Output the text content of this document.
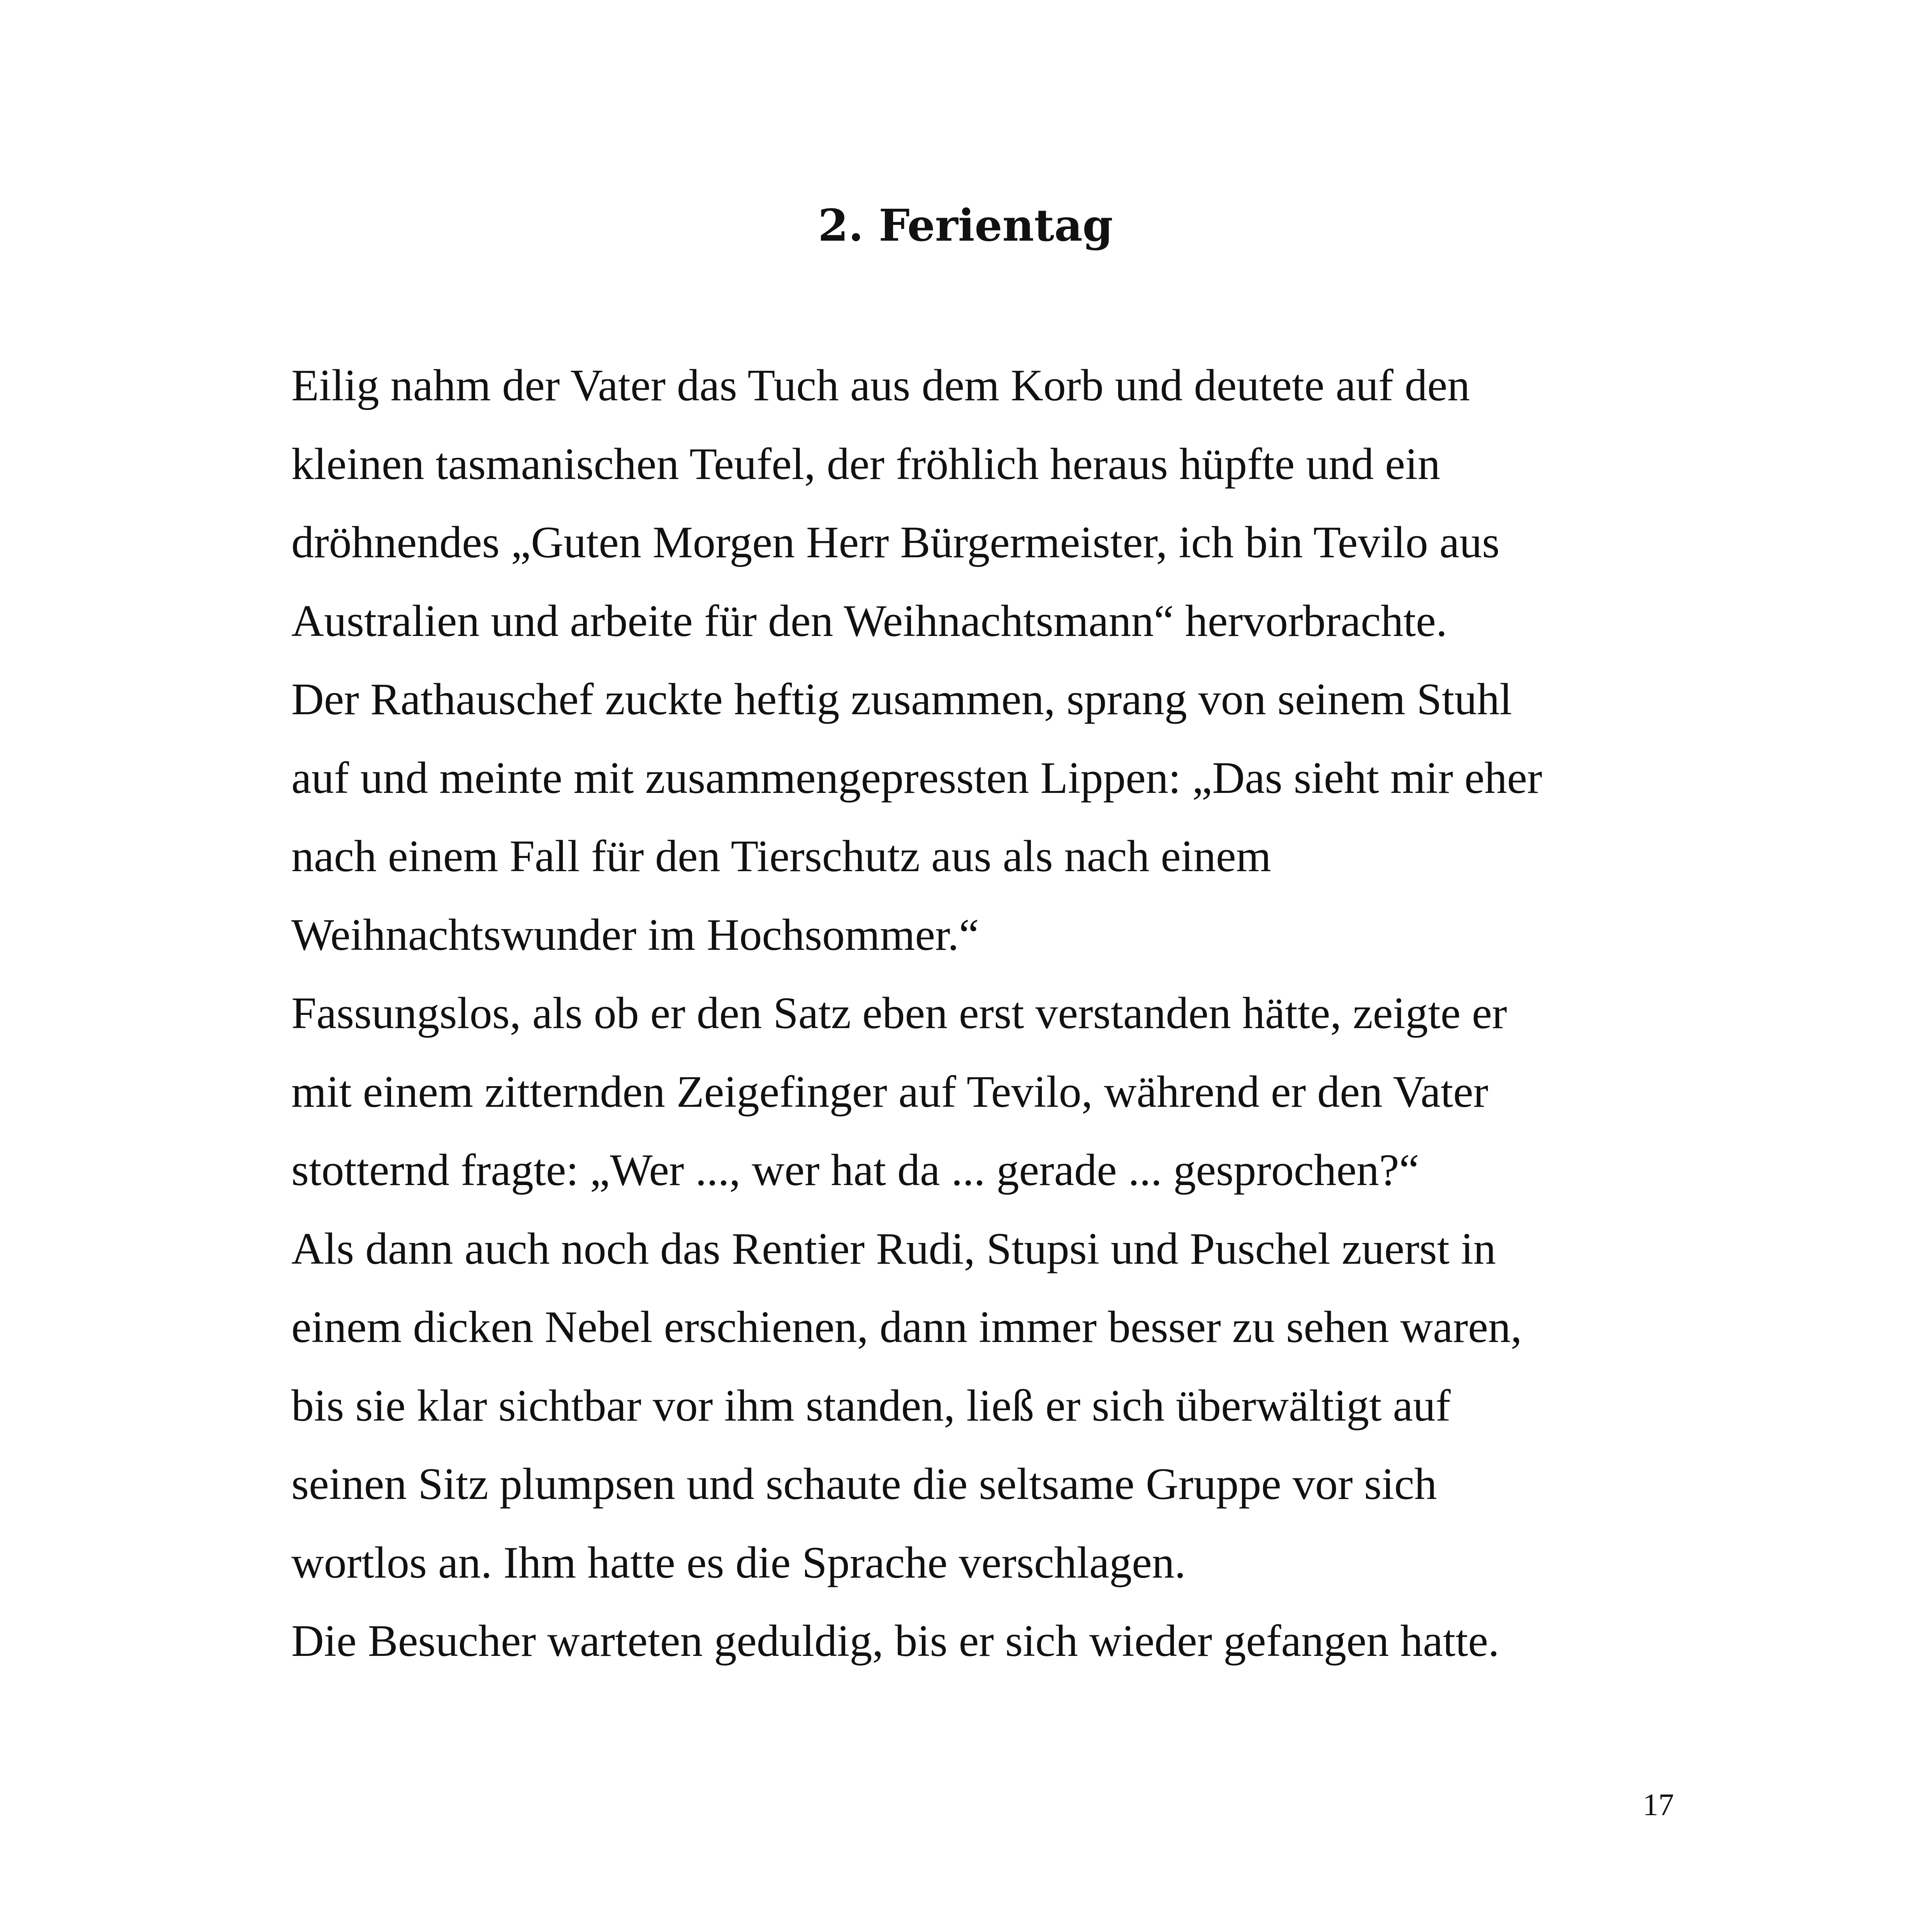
2. Ferientag
Eilig nahm der Vater das Tuch aus dem Korb und deutete auf den
kleinen tasmanischen Teufel, der fröhlich heraus hüpfte und ein
dröhnendes „Guten Morgen Herr Bürgermeister, ich bin Tevilo aus
Australien und arbeite für den Weihnachtsmann“ hervorbrachte.
Der Rathauschef zuckte heftig zusammen, sprang von seinem Stuhl
auf und meinte mit zusammengepressten Lippen: „Das sieht mir eher
nach einem Fall für den Tierschutz aus als nach einem
Weihnachtswunder im Hochsommer.“
Fassungslos, als ob er den Satz eben erst verstanden hätte, zeigte er
mit einem zitternden Zeigefinger auf Tevilo, während er den Vater
stotternd fragte: „Wer ..., wer hat da ... gerade ... gesprochen?“
Als dann auch noch das Rentier Rudi, Stupsi und Puschel zuerst in
einem dicken Nebel erschienen, dann immer besser zu sehen waren,
bis sie klar sichtbar vor ihm standen, ließ er sich überwältigt auf
seinen Sitz plumpsen und schaute die seltsame Gruppe vor sich
wortlos an. Ihm hatte es die Sprache verschlagen.
Die Besucher warteten geduldig, bis er sich wieder gefangen hatte.
17
